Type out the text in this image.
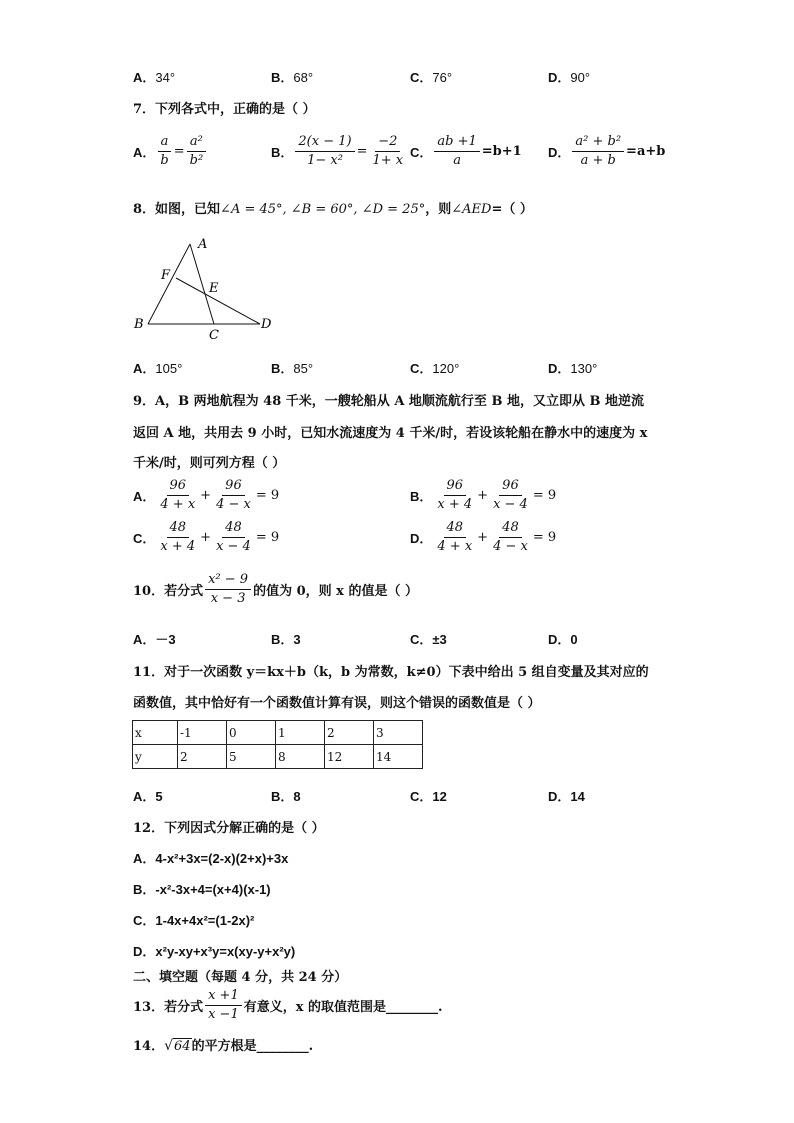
A．34°	B．68°	C．76°	D．90°
7．下列各式中，正确的是（ ）
A． $\frac{a}{b} = \frac{\text{a²}}{\text{b²}}$	B． $\frac{2(x - 1)}{\text{1− x²}} = \frac{-2}{1+ x}$ C． $\frac{ab +1}{a} =b+1$ D． $\frac{\text{a² + b²}}{a + b} =a+b$
8．如图，已知∠A = 45°, ∠B = 60°, ∠D = 25°，则∠AED=（ ）
A
B
C
D
E
F
A．105°	B．85°	C．120°	D．130°
9．A，B 两地航程为 48 千米，一艘轮船从 A 地顺流航行至 B 地，又立即从 B 地逆流
返回 A 地，共用去 9 小时，已知水流速度为 4 千米/时，若设该轮船在静水中的速度为 x
千米/时，则可列方程（ ）
A． $\frac{96}{4 + x} + \frac{96}{4 - x} = 9$	B． $\frac{96}{x + 4} + \frac{96}{x - 4} = 9$
C． $\frac{48}{x + 4} + \frac{48}{x - 4} = 9$	D． $\frac{48}{4 + x} + \frac{48}{4 - x} = 9$
10．若分式 $\frac{\text{x² − 9}}{x - 3}$ 的值为 0，则 x 的值是（ ）
A．－3	B．3	C．±3	D．0
11．对于一次函数 y＝kx＋b（k，b 为常数，k≠0）下表中给出 5 组自变量及其对应的
函数值，其中恰好有一个函数值计算有误，则这个错误的函数值是（ ）
x	-1	0	1	2	3
y	2	5	8	12	14
A．5	B．8	C．12	D．14
12．下列因式分解正确的是（ ）
A．4-x²+3x=(2-x)(2+x)+3x
B．-x²-3x+4=(x+4)(x-1)
C．1-4x+4x²=(1-2x)²
D．x²y-xy+x³y=x(xy-y+x²y)
二、填空题（每题 4 分，共 24 分）
13．若分式 $\frac{x +1}{x -1}$ 有意义，x 的取值范围是________.
14．√64的平方根是________.
